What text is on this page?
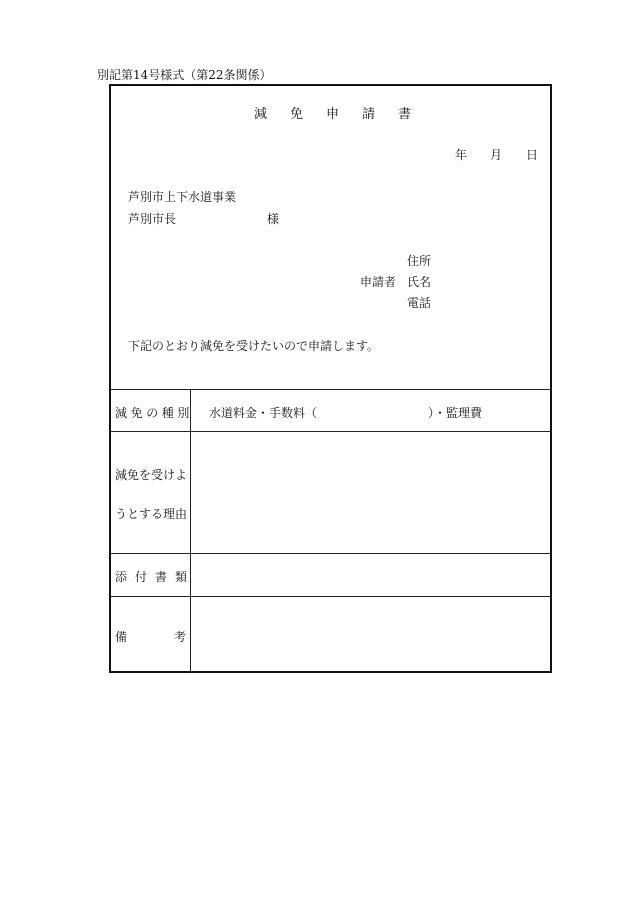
別記第14号様式（第22条関係）
減 免 申 請 書
年 月 日
芦別市上下水道事業
芦別市長	様
住所
申請者 氏名
電話
下記のとおり減免を受けたいので申請します。
減免の種別 水道料金・手数料（	）・監理費
減免を受けよ
うとする理由
添付書類
備考
